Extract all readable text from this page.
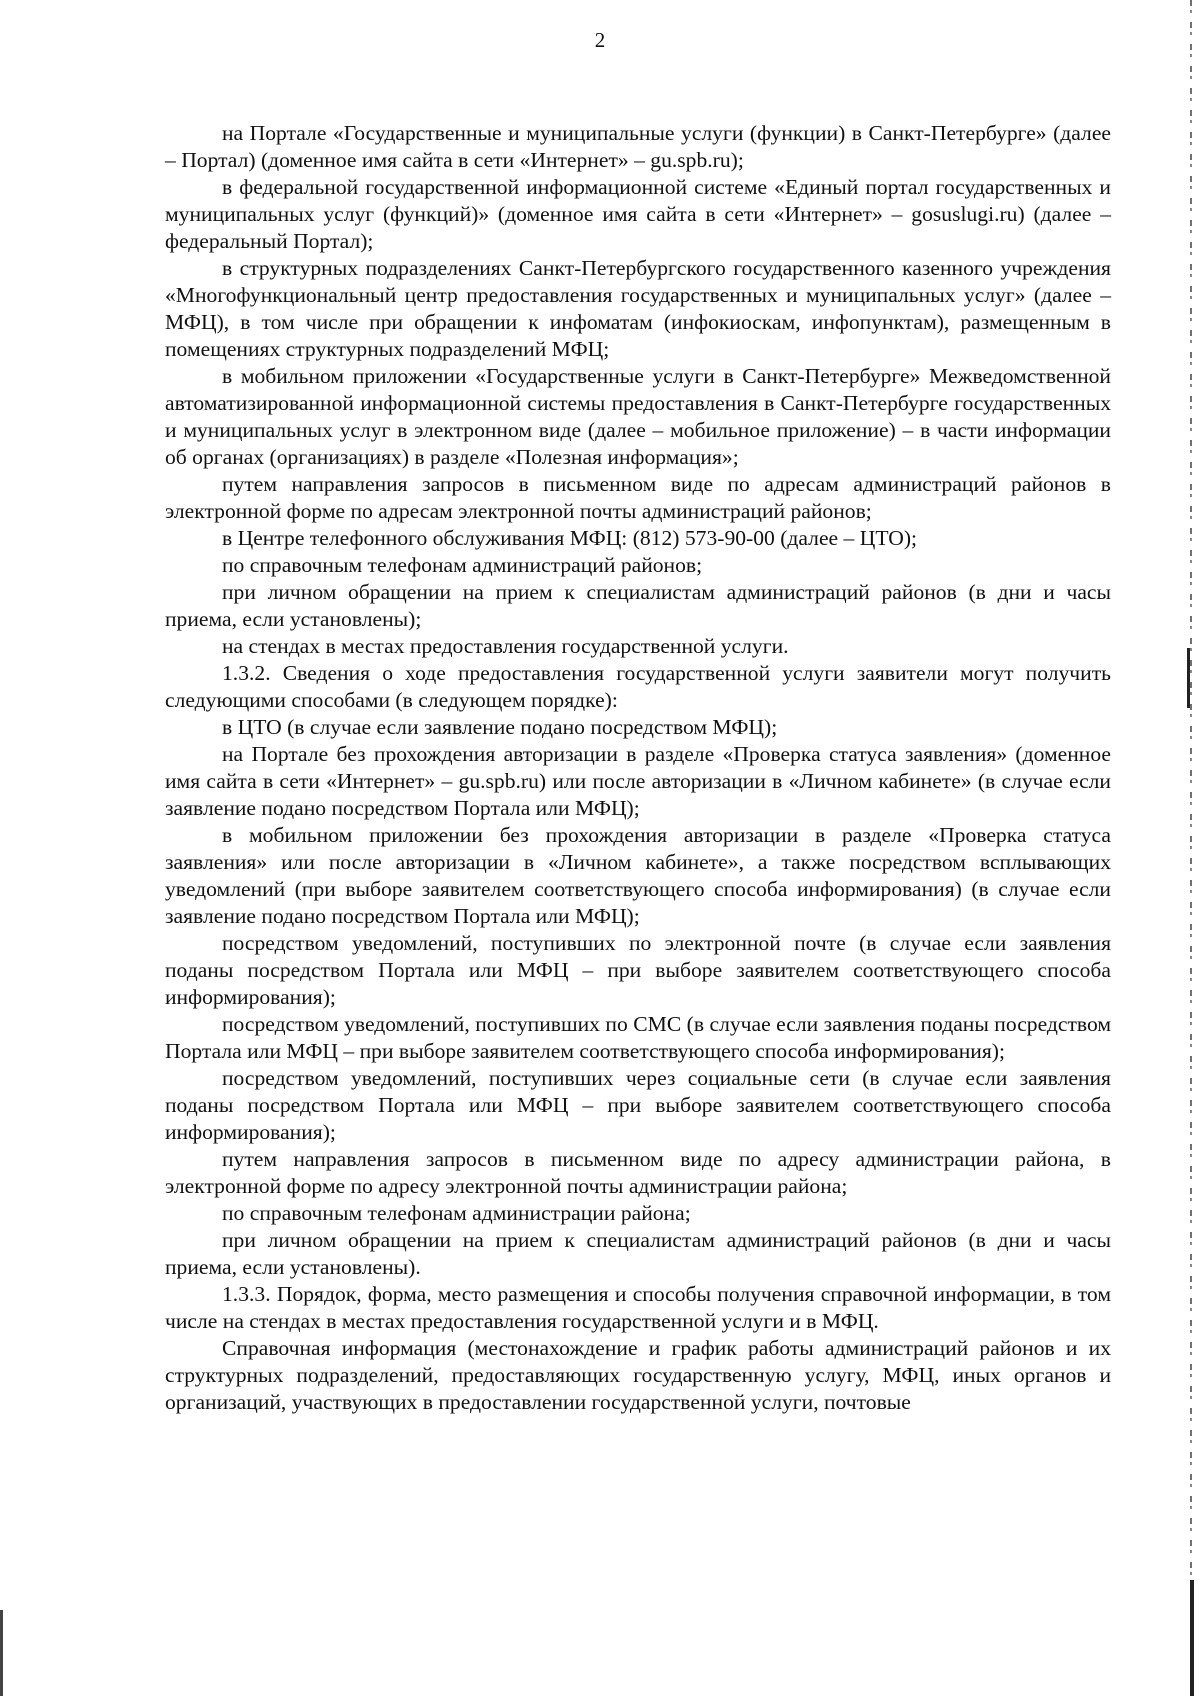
2

на Портале «Государственные и муниципальные услуги (функции) в Санкт-Петербурге» (далее – Портал) (доменное имя сайта в сети «Интернет» – gu.spb.ru);

в федеральной государственной информационной системе «Единый портал государственных и муниципальных услуг (функций)» (доменное имя сайта в сети «Интернет» – gosuslugi.ru) (далее – федеральный Портал);

в структурных подразделениях Санкт-Петербургского государственного казенного учреждения «Многофункциональный центр предоставления государственных и муниципальных услуг» (далее – МФЦ), в том числе при обращении к инфоматам (инфокиоскам, инфопунктам), размещенным в помещениях структурных подразделений МФЦ;

в мобильном приложении «Государственные услуги в Санкт-Петербурге» Межведомственной автоматизированной информационной системы предоставления в Санкт-Петербурге государственных и муниципальных услуг в электронном виде (далее – мобильное приложение) – в части информации об органах (организациях) в разделе «Полезная информация»;

путем направления запросов в письменном виде по адресам администраций районов в электронной форме по адресам электронной почты администраций районов;

в Центре телефонного обслуживания МФЦ: (812) 573-90-00 (далее – ЦТО);

по справочным телефонам администраций районов;

при личном обращении на прием к специалистам администраций районов (в дни и часы приема, если установлены);

на стендах в местах предоставления государственной услуги.

1.3.2. Сведения о ходе предоставления государственной услуги заявители могут получить следующими способами (в следующем порядке):

в ЦТО (в случае если заявление подано посредством МФЦ);

на Портале без прохождения авторизации в разделе «Проверка статуса заявления» (доменное имя сайта в сети «Интернет» – gu.spb.ru) или после авторизации в «Личном кабинете» (в случае если заявление подано посредством Портала или МФЦ);

в мобильном приложении без прохождения авторизации в разделе «Проверка статуса заявления» или после авторизации в «Личном кабинете», а также посредством всплывающих уведомлений (при выборе заявителем соответствующего способа информирования) (в случае если заявление подано посредством Портала или МФЦ);

посредством уведомлений, поступивших по электронной почте (в случае если заявления поданы посредством Портала или МФЦ – при выборе заявителем соответствующего способа информирования);

посредством уведомлений, поступивших по СМС (в случае если заявления поданы посредством Портала или МФЦ – при выборе заявителем соответствующего способа информирования);

посредством уведомлений, поступивших через социальные сети (в случае если заявления поданы посредством Портала или МФЦ – при выборе заявителем соответствующего способа информирования);

путем направления запросов в письменном виде по адресу администрации района, в электронной форме по адресу электронной почты администрации района;

по справочным телефонам администрации района;

при личном обращении на прием к специалистам администраций районов (в дни и часы приема, если установлены).

1.3.3. Порядок, форма, место размещения и способы получения справочной информации, в том числе на стендах в местах предоставления государственной услуги и в МФЦ.

Справочная информация (местонахождение и график работы администраций районов и их структурных подразделений, предоставляющих государственную услугу, МФЦ, иных органов и организаций, участвующих в предоставлении государственной услуги, почтовые
